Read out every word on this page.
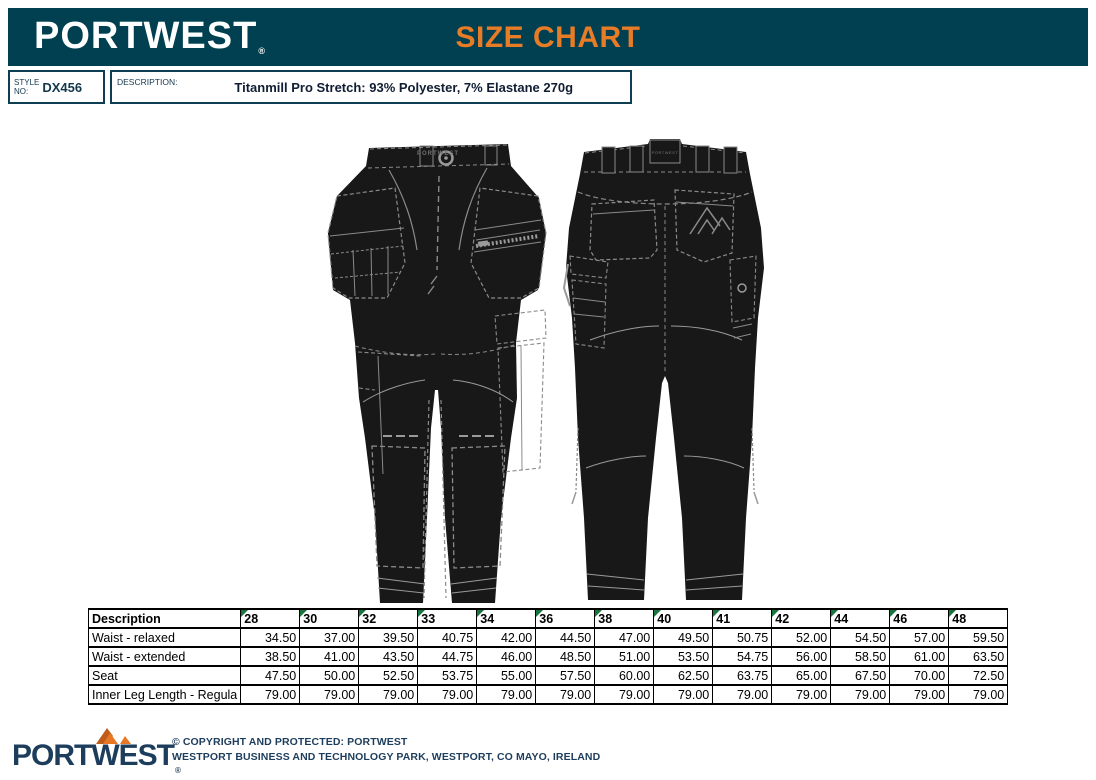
PORTWEST®	SIZE CHART
STYLE
NO:	DX456	DESCRIPTION:	Titanmill Pro Stretch: 93% Polyester, 7% Elastane 270g
PORTWEST	PORTWEST
Description	28	30	32	33	34	36	38	40	41	42	44	46	48
Waist - relaxed	34.50	37.00	39.50	40.75	42.00	44.50	47.00	49.50	50.75	52.00	54.50	57.00	59.50
Waist - extended	38.50	41.00	43.50	44.75	46.00	48.50	51.00	53.50	54.75	56.00	58.50	61.00	63.50
Seat	47.50	50.00	52.50	53.75	55.00	57.50	60.00	62.50	63.75	65.00	67.50	70.00	72.50
Inner Leg Length - Regula	79.00	79.00	79.00	79.00	79.00	79.00	79.00	79.00	79.00	79.00	79.00	79.00	79.00
$PORTWEST_®$
© COPYRIGHT AND PROTECTED: PORTWEST
WESTPORT BUSINESS AND TECHNOLOGY PARK, WESTPORT, CO MAYO, IRELAND
